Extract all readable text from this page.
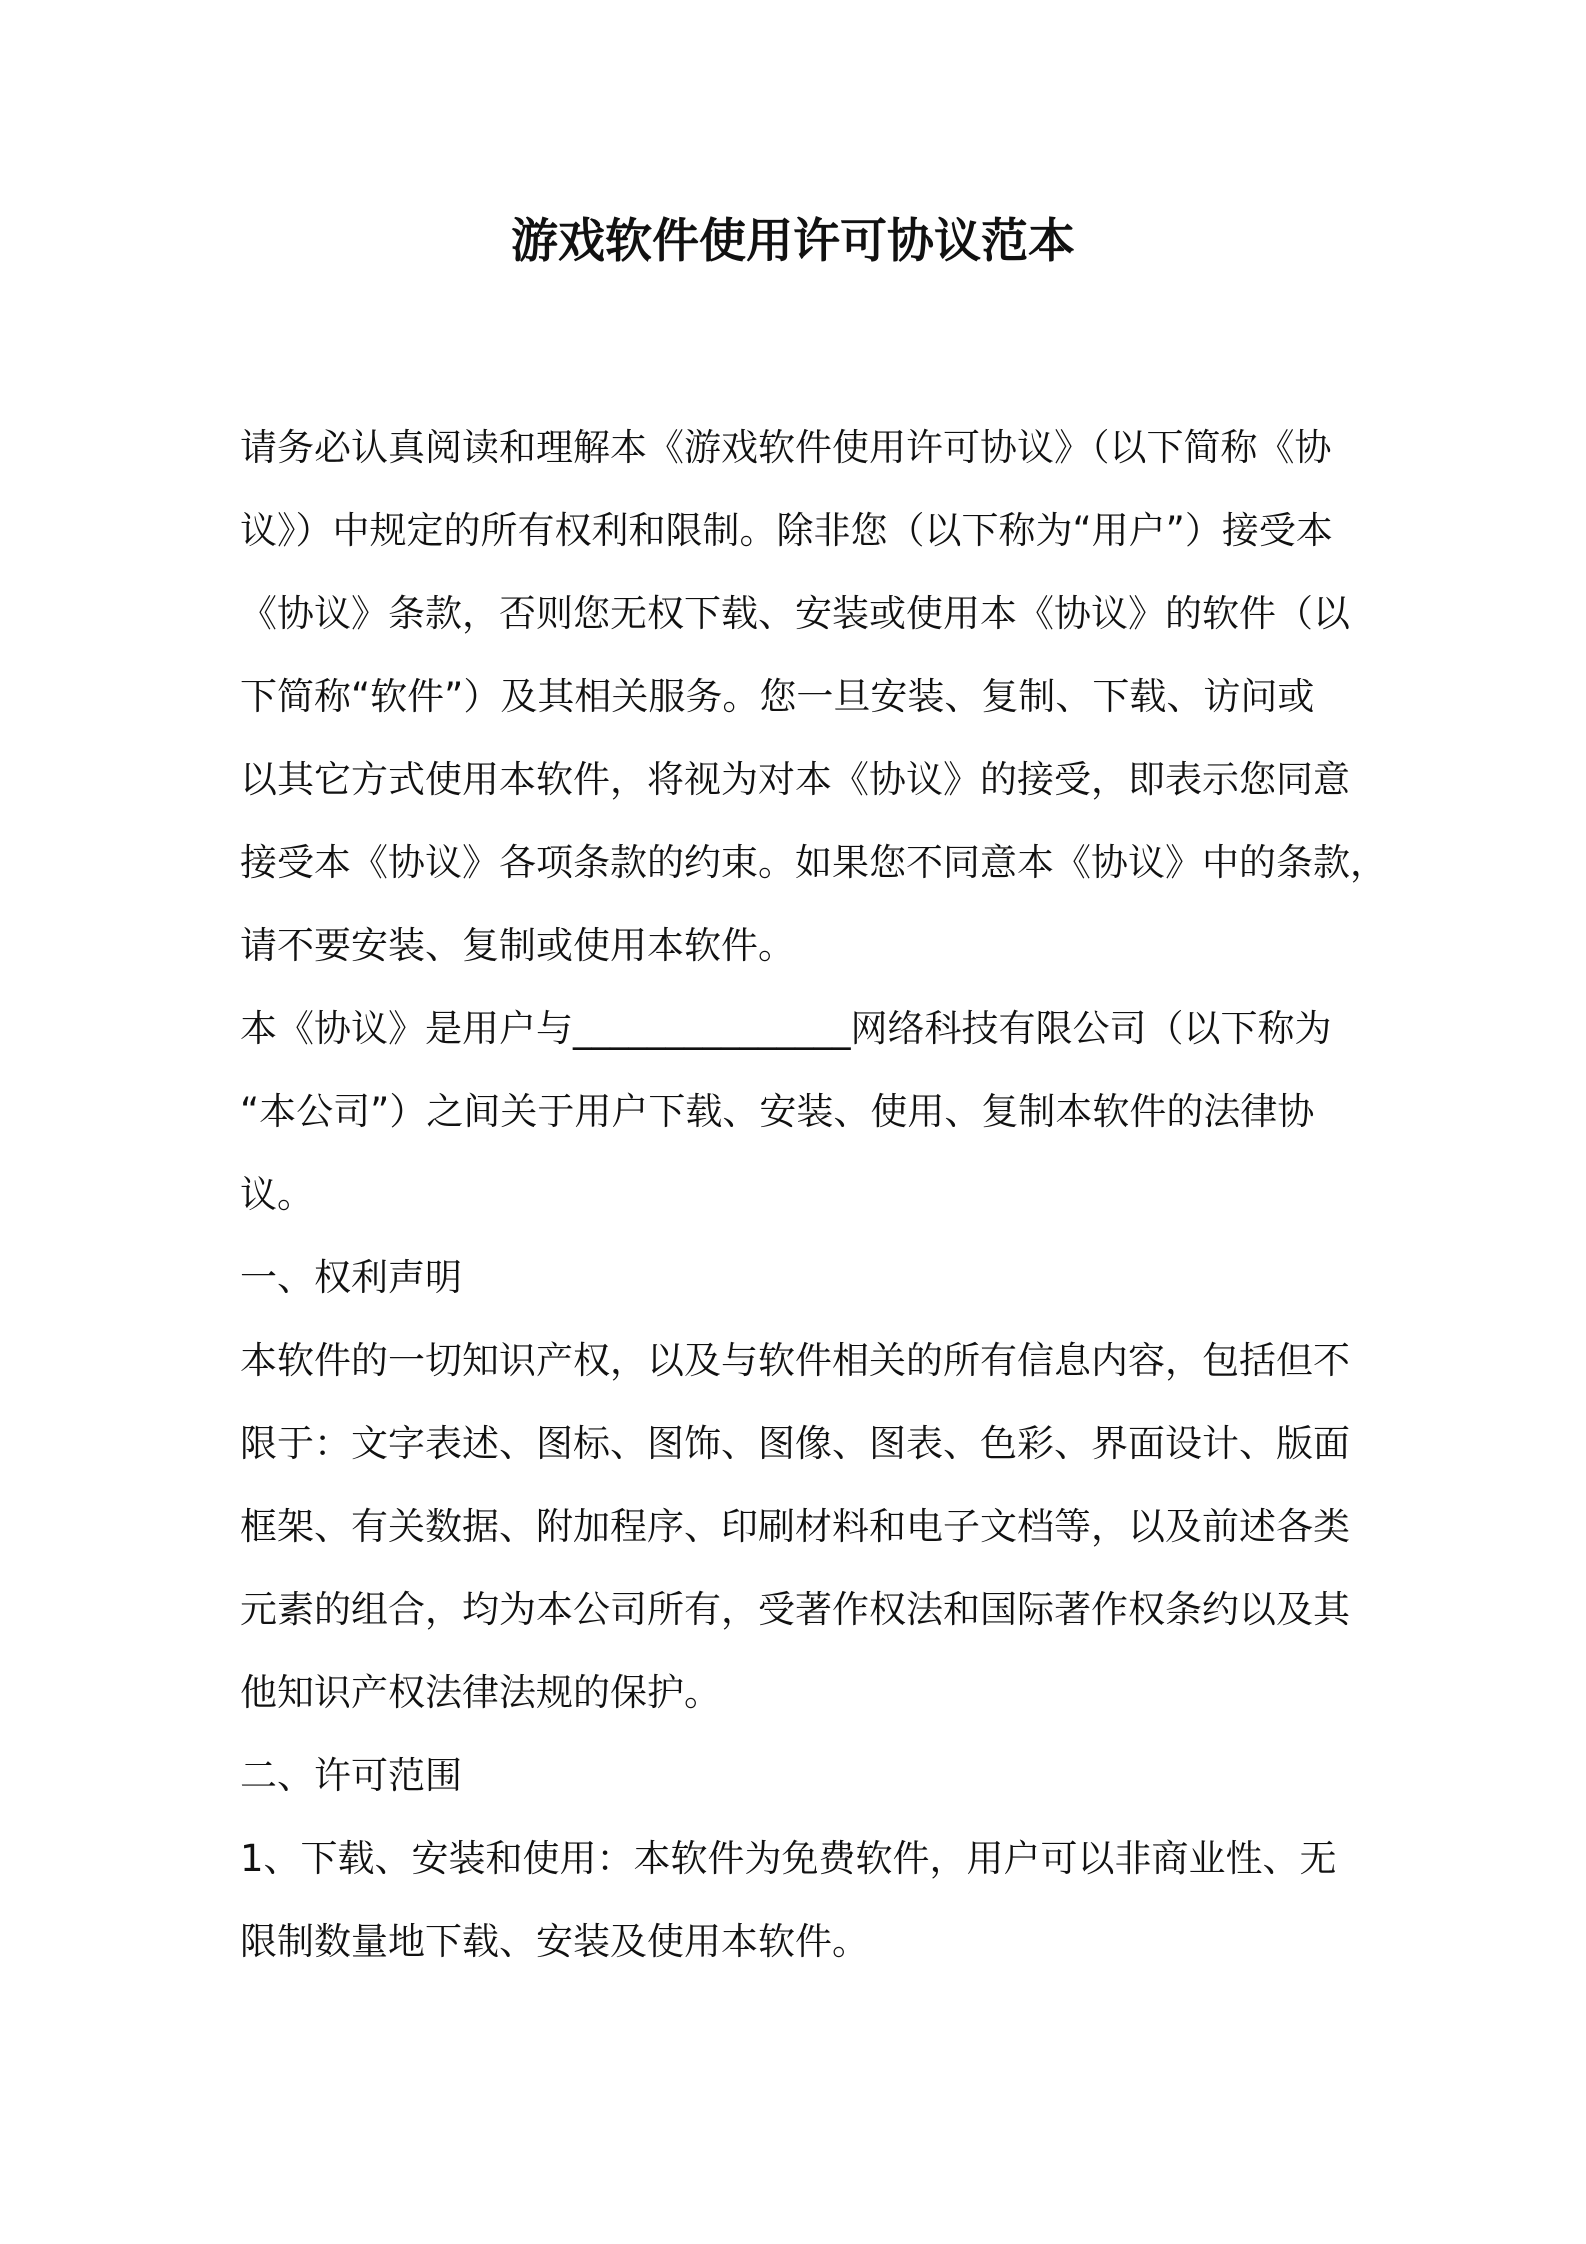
游戏软件使用许可协议范本

请务必认真阅读和理解本《游戏软件使用许可协议》（以下简称《协

议》）中规定的所有权利和限制。除非您（以下称为“用户”）接受本

《协议》条款，否则您无权下载、安装或使用本《协议》的软件（以

下简称“软件”）及其相关服务。您一旦安装、复制、下载、访问或

以其它方式使用本软件，将视为对本《协议》的接受，即表示您同意

接受本《协议》各项条款的约束。如果您不同意本《协议》中的条款，

请不要安装、复制或使用本软件。

本《协议》是用户与_______________网络科技有限公司（以下称为

“本公司”）之间关于用户下载、安装、使用、复制本软件的法律协

议。

一、权利声明

本软件的一切知识产权，以及与软件相关的所有信息内容，包括但不

限于：文字表述、图标、图饰、图像、图表、色彩、界面设计、版面

框架、有关数据、附加程序、印刷材料和电子文档等，以及前述各类

元素的组合，均为本公司所有，受著作权法和国际著作权条约以及其

他知识产权法律法规的保护。

二、许可范围

1、下载、安装和使用：本软件为免费软件，用户可以非商业性、无

限制数量地下载、安装及使用本软件。
